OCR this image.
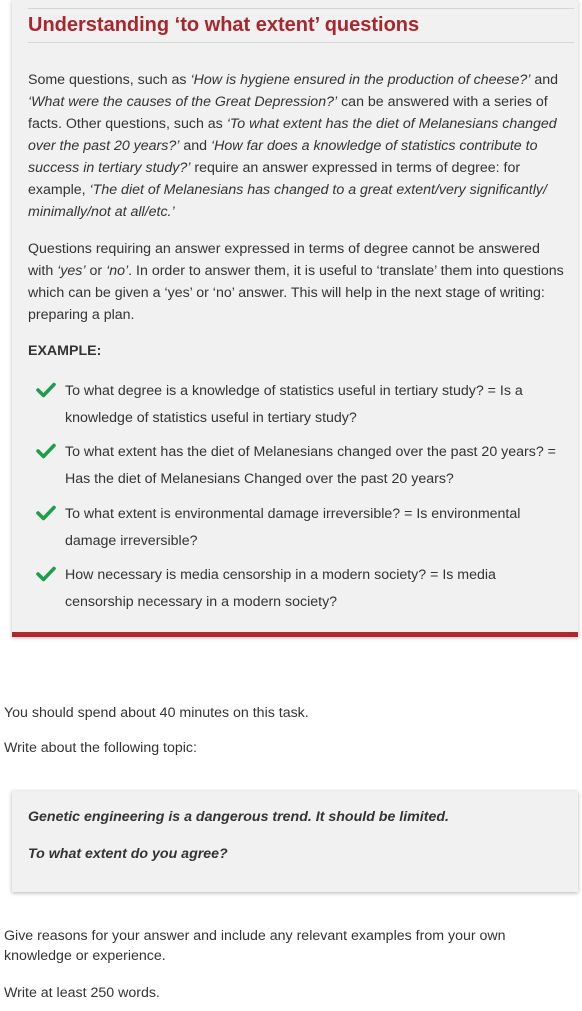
Understanding ‘to what extent’ questions

Some questions, such as ‘How is hygiene ensured in the production of cheese?’ and ‘What were the causes of the Great Depression?’ can be answered with a series of facts. Other questions, such as ‘To what extent has the diet of Melanesians changed over the past 20 years?’ and ‘How far does a knowledge of statistics contribute to success in tertiary study?’ require an answer expressed in terms of degree: for example, ‘The diet of Melanesians has changed to a great extent/very significantly/ minimally/not at all/etc.’

Questions requiring an answer expressed in terms of degree cannot be answered with ‘yes’ or ‘no’. In order to answer them, it is useful to ‘translate’ them into questions which can be given a ‘yes’ or ‘no’ answer. This will help in the next stage of writing: preparing a plan.

EXAMPLE:

To what degree is a knowledge of statistics useful in tertiary study? = Is a knowledge of statistics useful in tertiary study?

To what extent has the diet of Melanesians changed over the past 20 years? = Has the diet of Melanesians Changed over the past 20 years?

To what extent is environmental damage irreversible? = Is environmental damage irreversible?

How necessary is media censorship in a modern society? = Is media censorship necessary in a modern society?

You should spend about 40 minutes on this task.

Write about the following topic:

Genetic engineering is a dangerous trend. It should be limited.

To what extent do you agree?

Give reasons for your answer and include any relevant examples from your own knowledge or experience.

Write at least 250 words.
